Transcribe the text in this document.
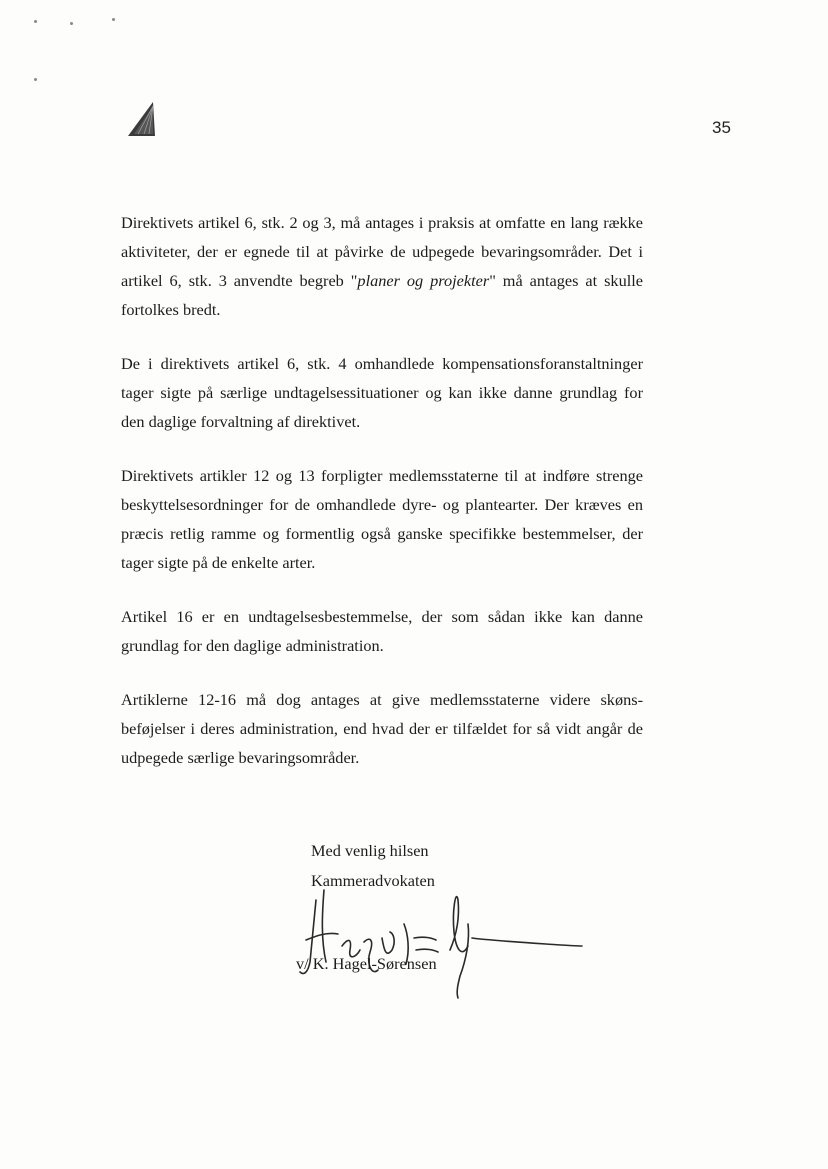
35

Direktivets artikel 6, stk. 2 og 3, må antages i praksis at omfatte en lang række aktiviteter, der er egnede til at påvirke de udpegede bevaringsområder. Det i artikel 6, stk. 3 anvendte begreb "planer og projekter" må antages at skulle fortolkes bredt.

De i direktivets artikel 6, stk. 4 omhandlede kompensationsforanstaltninger tager sigte på særlige undtagelsessituationer og kan ikke danne grundlag for den daglige forvaltning af direktivet.

Direktivets artikler 12 og 13 forpligter medlemsstaterne til at indføre strenge beskyttelsesordninger for de omhandlede dyre- og plantearter. Der kræves en præcis retlig ramme og formentlig også ganske specifikke bestemmelser, der tager sigte på de enkelte arter.

Artikel 16 er en undtagelsesbestemmelse, der som sådan ikke kan danne grundlag for den daglige administration.

Artiklerne 12-16 må dog antages at give medlemsstaterne videre skønsbeføjelser i deres administration, end hvad der er tilfældet for så vidt angår de udpegede særlige bevaringsområder.

Med venlig hilsen
Kammeradvokaten
v/ K. Hagel-Sørensen
